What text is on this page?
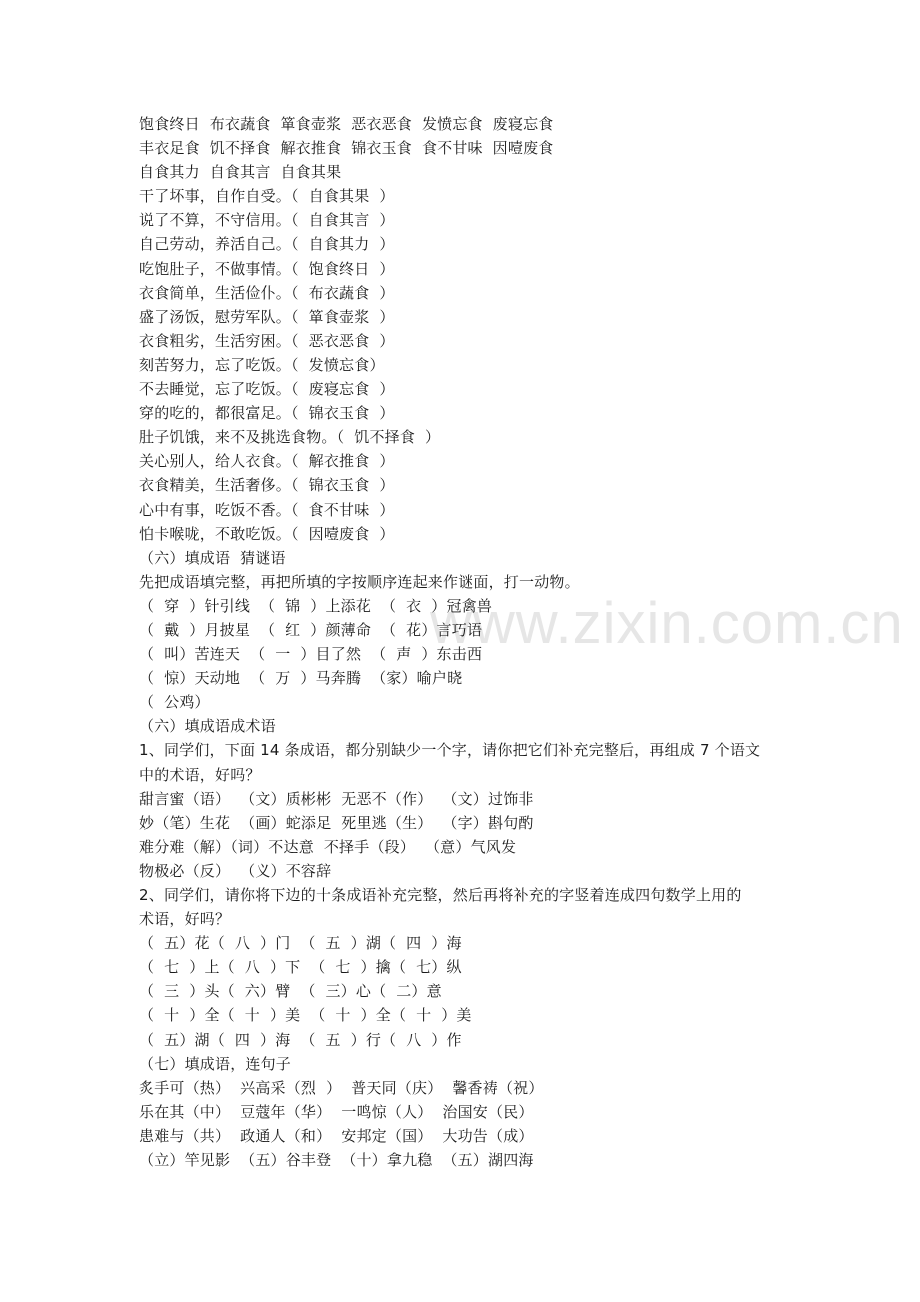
www.zixin.com.cn
饱食终日  布衣蔬食  箪食壶浆  恶衣恶食  发愤忘食  废寝忘食
丰衣足食  饥不择食  解衣推食  锦衣玉食  食不甘味  因噎废食
自食其力  自食其言  自食其果
干了坏事，自作自受。（  自食其果  ）
说了不算，不守信用。（  自食其言  ）
自己劳动，养活自己。（  自食其力  ）
吃饱肚子，不做事情。（  饱食终日  ）
衣食简单，生活俭仆。（  布衣蔬食  ）
盛了汤饭，慰劳军队。（  箪食壶浆  ）
衣食粗劣，生活穷困。（  恶衣恶食  ）
刻苦努力，忘了吃饭。（  发愤忘食）
不去睡觉，忘了吃饭。（  废寝忘食  ）
穿的吃的，都很富足。（  锦衣玉食  ）
肚子饥饿，来不及挑选食物。（  饥不择食  ）
关心别人，给人衣食。（  解衣推食  ）
衣食精美，生活奢侈。（  锦衣玉食  ）
心中有事，吃饭不香。（  食不甘味  ）
怕卡喉咙，不敢吃饭。（  因噎废食  ）
（六）填成语  猜谜语
先把成语填完整，再把所填的字按顺序连起来作谜面，打一动物。
（  穿  ）针引线  （  锦  ）上添花  （  衣  ）冠禽兽
（  戴  ）月披星  （  红  ）颜薄命  （  花）言巧语
（  叫）苦连天  （  一  ）目了然  （  声  ）东击西
（  惊）天动地  （  万  ）马奔腾  （家）喻户晓
（  公鸡）
（六）填成语成术语
1、同学们，下面 14 条成语，都分别缺少一个字，请你把它们补充完整后，再组成 7 个语文
中的术语，好吗？
甜言蜜（语）  （文）质彬彬  无恶不（作）  （文）过饰非
妙（笔）生花  （画）蛇添足  死里逃（生）  （字）斟句酌
难分难（解）（词）不达意  不择手（段）  （意）气风发
物极必（反）  （义）不容辞
2、同学们，请你将下边的十条成语补充完整，然后再将补充的字竖着连成四句数学上用的
术语，好吗？
（  五）花（  八  ）门  （  五  ）湖（  四  ）海
（  七  ）上（  八  ）下  （  七  ）擒（  七）纵
（  三  ）头（  六）臂  （  三）心（  二）意
（  十  ）全（  十  ）美  （  十  ）全（  十  ）美
（  五）湖（  四  ）海  （  五  ）行（  八  ）作
（七）填成语，连句子
炙手可（热）  兴高采（烈  ）  普天同（庆）  馨香祷（祝）
乐在其（中）  豆蔻年（华）  一鸣惊（人）  治国安（民）
患难与（共）  政通人（和）  安邦定（国）  大功告（成）
（立）竿见影  （五）谷丰登  （十）拿九稳  （五）湖四海
